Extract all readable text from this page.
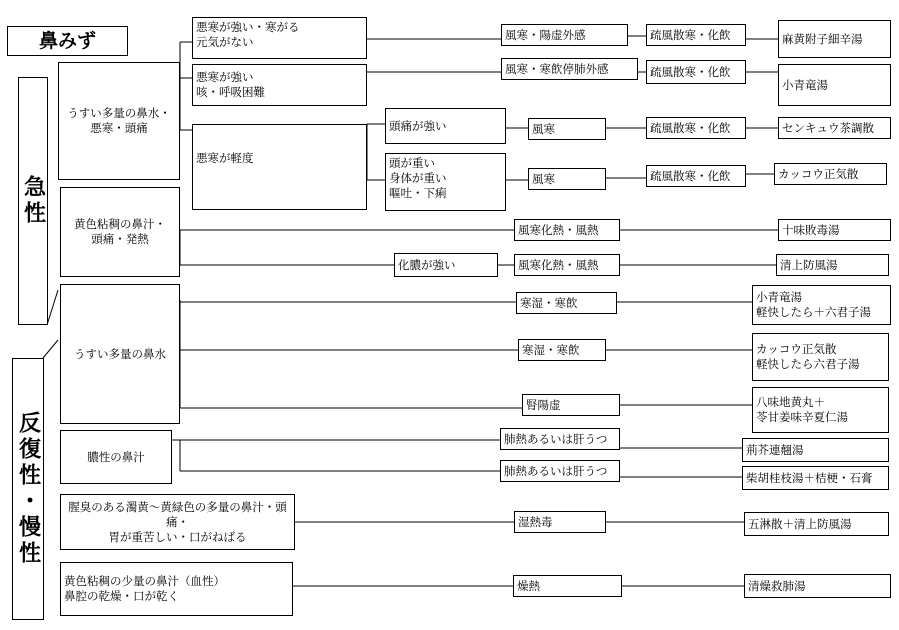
鼻みず
急性
反復性・慢性
うすい多量の鼻水・
悪寒・頭痛
黄色粘稠の鼻汁・
頭痛・発熱
うすい多量の鼻水
膿性の鼻汁
腥臭のある濁黄〜黄緑色の多量の鼻汁・頭痛・
胃が重苦しい・口がねばる
黄色粘稠の少量の鼻汁（血性）
鼻腔の乾燥・口が乾く
悪寒が強い・寒がる
元気がない
悪寒が強い
咳・呼吸困難
悪寒が軽度
頭痛が強い
頭が重い
身体が重い
嘔吐・下痢
化膿が強い
風寒・陽虚外感
風寒・寒飲停肺外感
風寒
風寒
風寒化熱・風熱
風寒化熱・風熱
寒湿・寒飲
寒湿・寒飲
腎陽虚
肺熱あるいは肝うつ
肺熱あるいは肝うつ
湿熱毒
燥熱
疏風散寒・化飲
疏風散寒・化飲
疏風散寒・化飲
疏風散寒・化飲
麻黄附子細辛湯
小青竜湯
センキュウ茶調散
カッコウ正気散
十味敗毒湯
清上防風湯
小青竜湯
軽快したら＋六君子湯
カッコウ正気散
軽快したら六君子湯
八味地黄丸＋
苓甘姜味辛夏仁湯
荊芥連翹湯
柴胡桂枝湯＋桔梗・石膏
五淋散＋清上防風湯
清燥救肺湯
